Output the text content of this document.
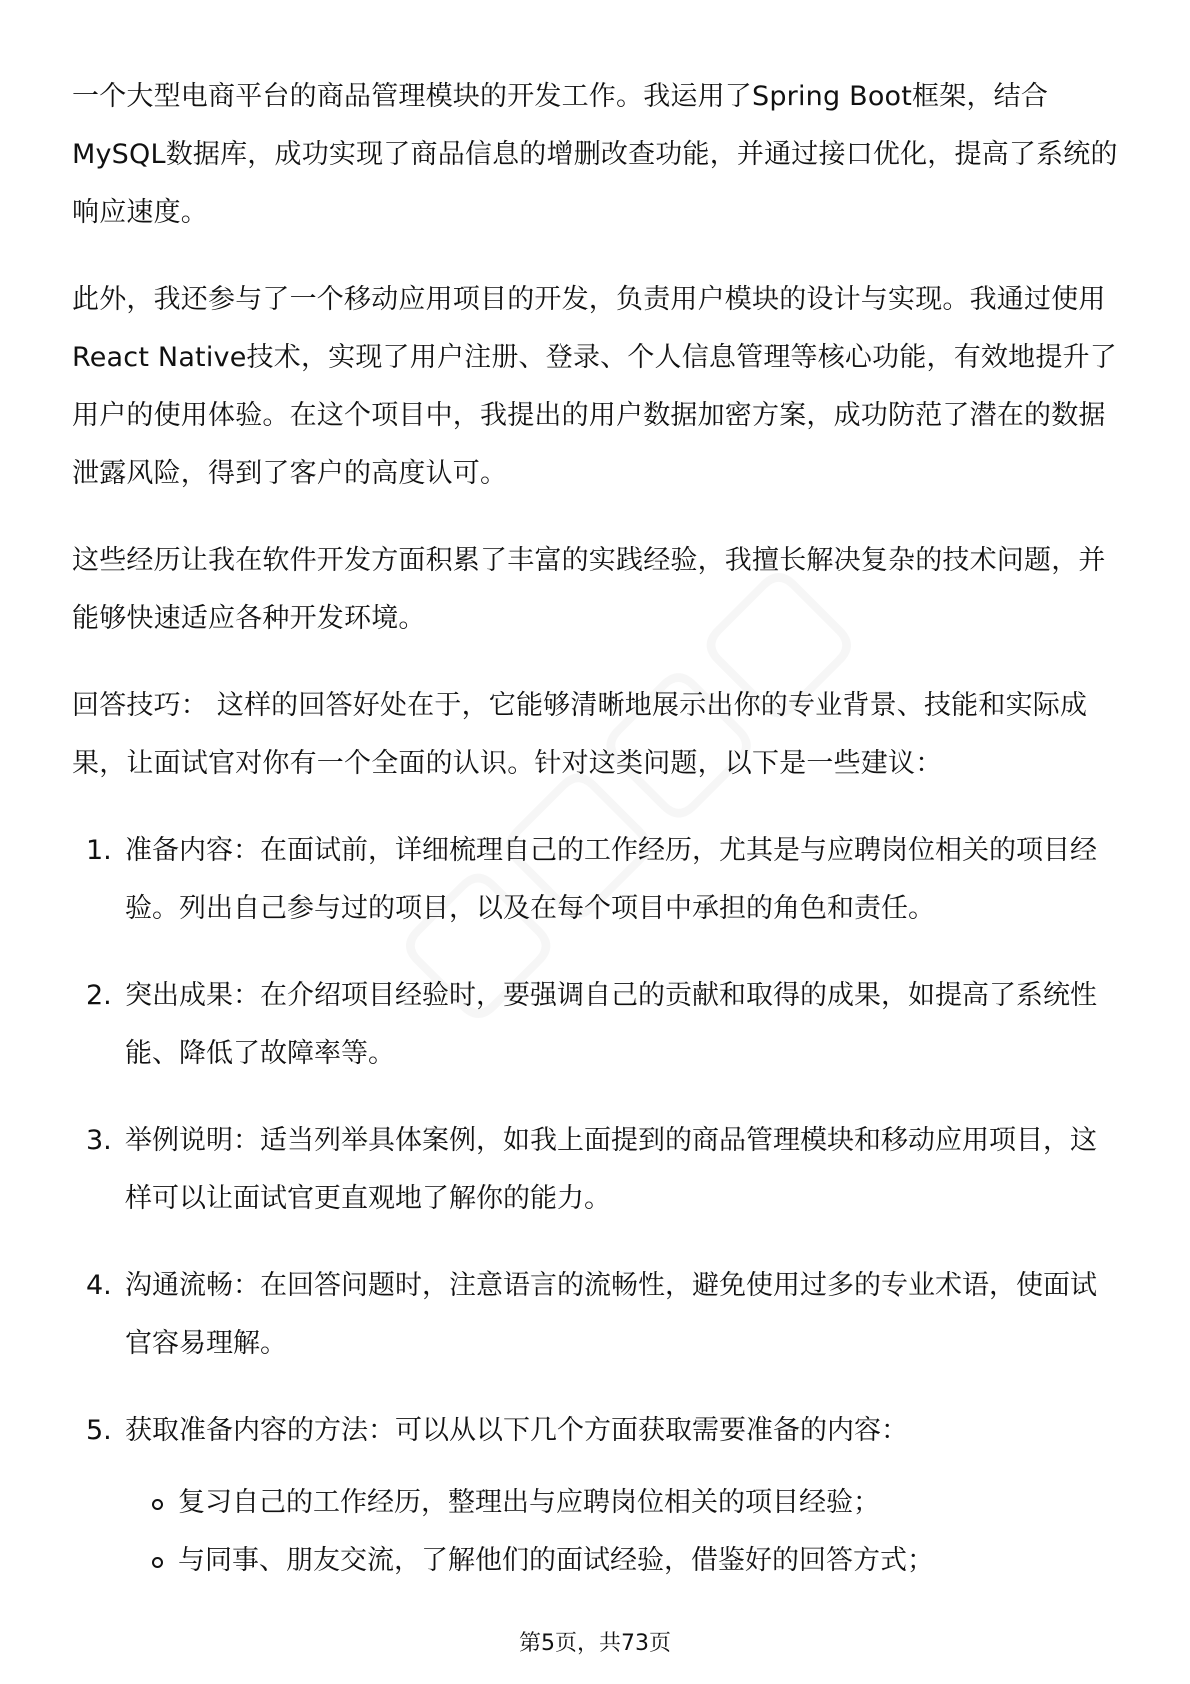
一个大型电商平台的商品管理模块的开发工作。我运用了Spring Boot框架，结合MySQL数据库，成功实现了商品信息的增删改查功能，并通过接口优化，提高了系统的响应速度。

此外，我还参与了一个移动应用项目的开发，负责用户模块的设计与实现。我通过使用React Native技术，实现了用户注册、登录、个人信息管理等核心功能，有效地提升了用户的使用体验。在这个项目中，我提出的用户数据加密方案，成功防范了潜在的数据泄露风险，得到了客户的高度认可。

这些经历让我在软件开发方面积累了丰富的实践经验，我擅长解决复杂的技术问题，并能够快速适应各种开发环境。

回答技巧： 这样的回答好处在于，它能够清晰地展示出你的专业背景、技能和实际成果，让面试官对你有一个全面的认识。针对这类问题，以下是一些建议：

1. 准备内容：在面试前，详细梳理自己的工作经历，尤其是与应聘岗位相关的项目经验。列出自己参与过的项目，以及在每个项目中承担的角色和责任。
2. 突出成果：在介绍项目经验时，要强调自己的贡献和取得的成果，如提高了系统性能、降低了故障率等。
3. 举例说明：适当列举具体案例，如我上面提到的商品管理模块和移动应用项目，这样可以让面试官更直观地了解你的能力。
4. 沟通流畅：在回答问题时，注意语言的流畅性，避免使用过多的专业术语，使面试官容易理解。
5. 获取准备内容的方法：可以从以下几个方面获取需要准备的内容：
复习自己的工作经历，整理出与应聘岗位相关的项目经验；
与同事、朋友交流，了解他们的面试经验，借鉴好的回答方式；
第5页，共73页
